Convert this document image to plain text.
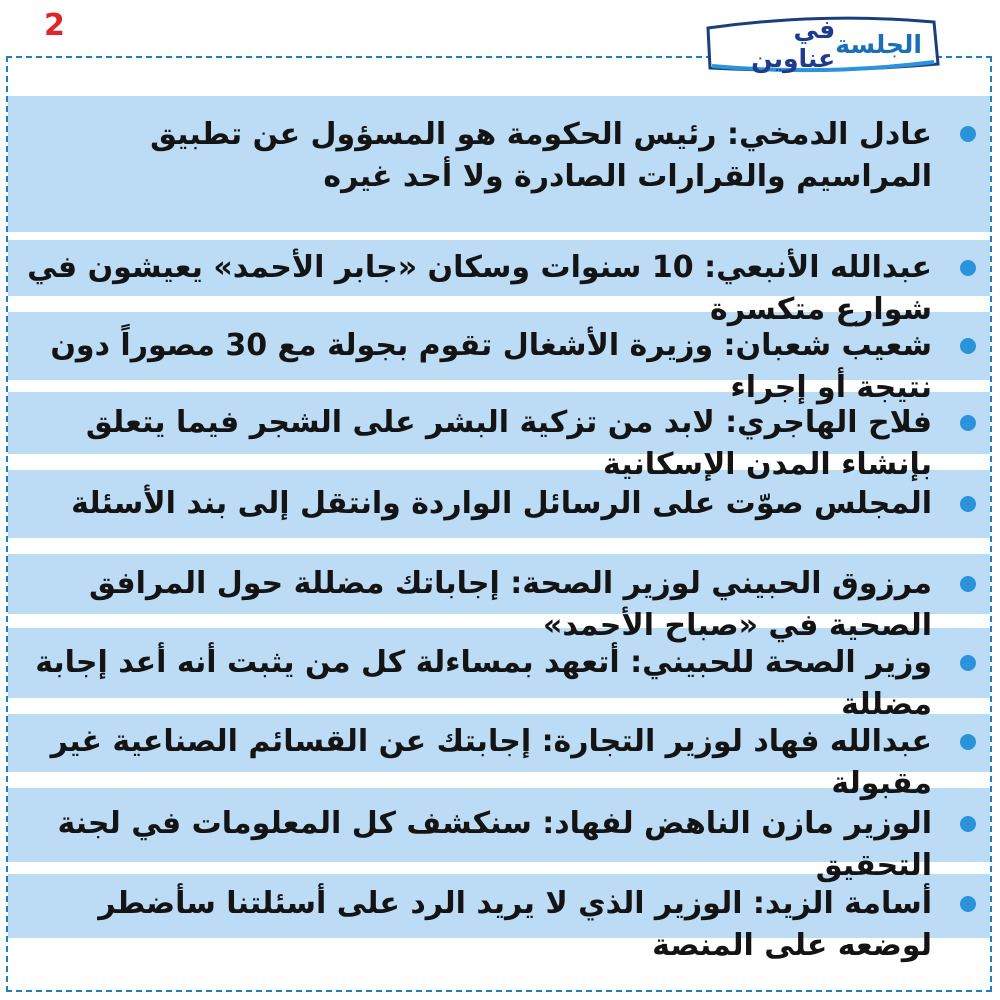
2
الجلسة
في عناوين
عادل الدمخي: رئيس الحكومة هو المسؤول عن تطبيق المراسيم والقرارات الصادرة ولا أحد غيره
عبدالله الأنبعي: 10 سنوات وسكان «جابر الأحمد» يعيشون في شوارع متكسرة
شعيب شعبان: وزيرة الأشغال تقوم بجولة مع 30 مصوراً دون نتيجة أو إجراء
فلاح الهاجري: لابد من تزكية البشر على الشجر فيما يتعلق بإنشاء المدن الإسكانية
المجلس صوّت على الرسائل الواردة وانتقل إلى بند الأسئلة
مرزوق الحبيني لوزير الصحة: إجاباتك مضللة حول المرافق الصحية في «صباح الأحمد»
وزير الصحة للحبيني: أتعهد بمساءلة كل من يثبت أنه أعد إجابة مضللة
عبدالله فهاد لوزير التجارة: إجابتك عن القسائم الصناعية غير مقبولة
الوزير مازن الناهض لفهاد: سنكشف كل المعلومات في لجنة التحقيق
أسامة الزيد: الوزير الذي لا يريد الرد على أسئلتنا سأضطر لوضعه على المنصة
